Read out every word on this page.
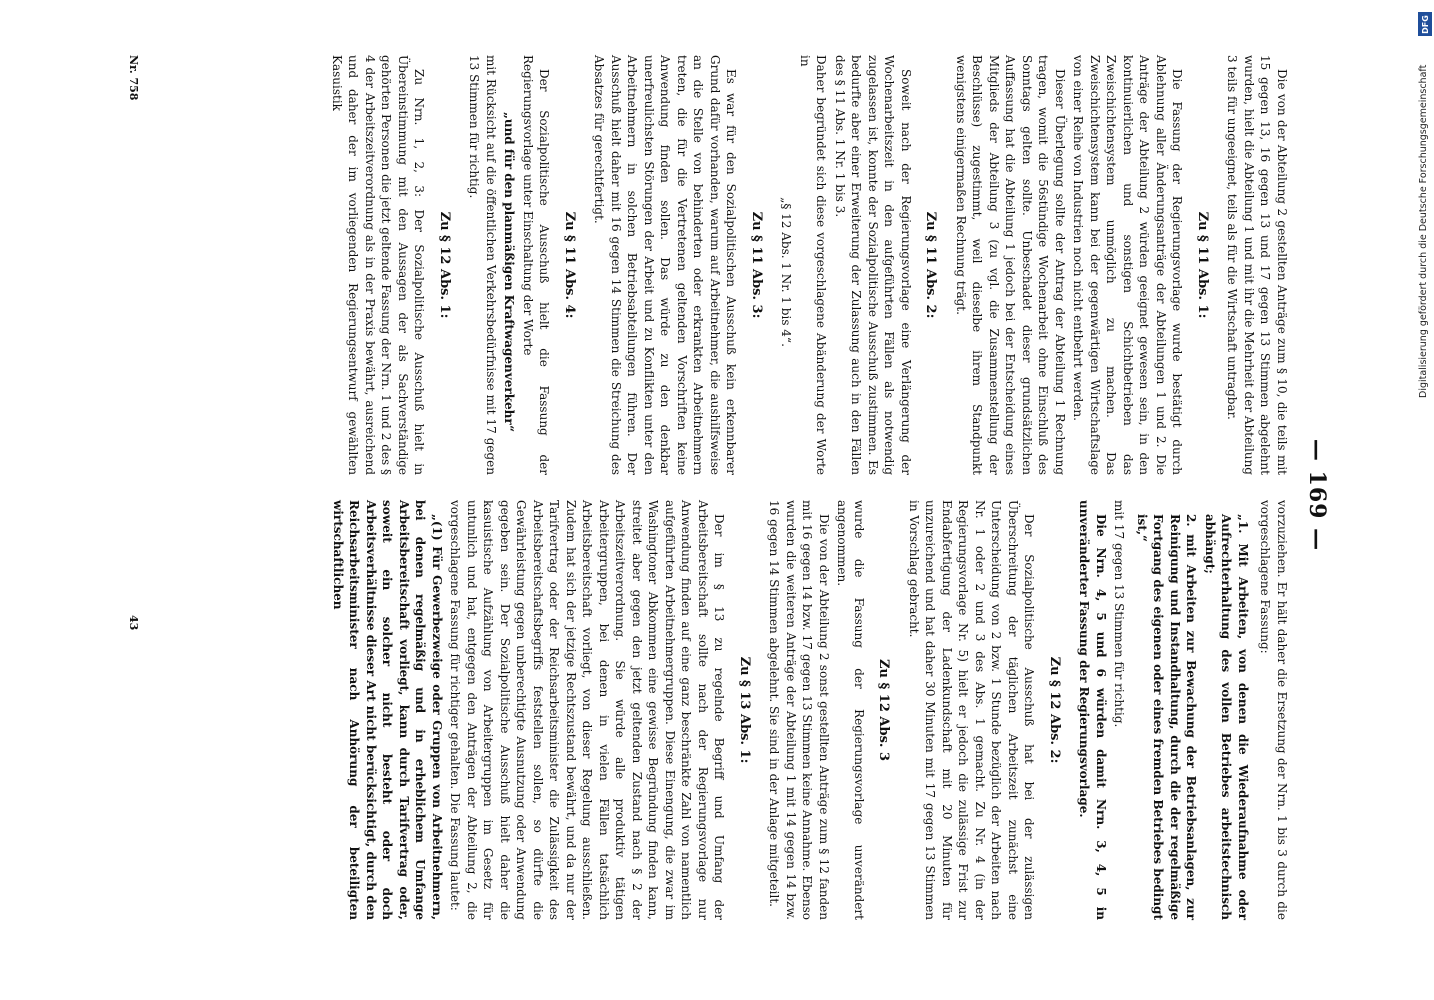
— 169 —

Die von der Abteilung 2 gestellten Anträge zum § 10, die teils mit 15 gegen 13, 16 gegen 13 und 17 gegen 13 Stimmen abgelehnt wurden, hielt die Abteilung 1 und mit ihr die Mehrheit der Abteilung 3 teils für ungeeignet, teils als für die Wirtschaft untragbar.

Zu § 11 Abs. 1:

Die Fassung der Regierungsvorlage wurde bestätigt durch Ablehnung aller Änderungsanträge der Abteilungen 1 und 2. Die Anträge der Abteilung 2 würden geeignet gewesen sein, in den kontinuierlichen und sonstigen Schichtbetrieben das Zweischichtensystem unmöglich zu machen. Das Zweischichtensystem kann bei der gegenwärtigen Wirtschaftslage von einer Reihe von Industrien noch nicht entbehrt werden.

Dieser Überlegung sollte der Antrag der Abteilung 1 Rechnung tragen, womit die 56stündige Wochenarbeit ohne Einschluß des Sonntags gelten sollte. Unbeschadet dieser grundsätzlichen Auffassung hat die Abteilung 1 jedoch bei der Entscheidung eines Mitglieds der Abteilung 3 (zu vgl. die Zusammenstellung der Beschlüsse) zugestimmt, weil dieselbe ihrem Standpunkt wenigstens einigermaßen Rechnung trägt.

Zu § 11 Abs. 2:

Soweit nach der Regierungsvorlage eine Verlängerung der Wochenarbeitszeit in den aufgeführten Fällen als notwendig zugelassen ist, konnte der Sozialpolitische Ausschuß zustimmen. Es bedurfte aber einer Erweiterung der Zulassung auch in den Fällen des § 11 Abs. 1 Nr. 1 bis 3.

Daher begründet sich diese vorgeschlagene Abänderung der Worte in

„§ 12 Abs. 1 Nr. 1 bis 4“.

Zu § 11 Abs. 3:

Es war für den Sozialpolitischen Ausschuß kein erkennbarer Grund dafür vorhanden, warum auf Arbeitnehmer, die aushilfsweise an die Stelle von behinderten oder erkrankten Arbeitnehmern treten, die für die Vertretenen geltenden Vorschriften keine Anwendung finden sollen. Das würde zu den denkbar unerfreulichsten Störungen der Arbeit und zu Konflikten unter den Arbeitnehmern in solchen Betriebsabteilungen führen. Der Ausschuß hielt daher mit 16 gegen 14 Stimmen die Streichung des Absatzes für gerechtfertigt.

Zu § 11 Abs. 4:

Der Sozialpolitische Ausschuß hielt die Fassung der Regierungsvorlage unter Einschaltung der Worte

„und für den planmäßigen Kraftwagenverkehr“

mit Rücksicht auf die öffentlichen Verkehrsbedürfnisse mit 17 gegen 13 Stimmen für richtig.

Zu § 12 Abs. 1:

Zu Nrn. 1, 2, 3: Der Sozialpolitische Ausschuß hielt in Übereinstimmung mit den Aussagen der als Sachverständige gehörten Personen die jetzt geltende Fassung der Nrn. 1 und 2 des § 4 der Arbeitszeitverordnung als in der Praxis bewährt, ausreichend und daher der im vorliegenden Regierungsentwurf gewählten Kasuistik

vorzuziehen. Er hält daher die Ersetzung der Nrn. 1 bis 3 durch die vorgeschlagene Fassung:

„1. Mit Arbeiten, von denen die Wiederaufnahme oder Aufrechterhaltung des vollen Betriebes arbeitstechnisch abhängt;
2. mit Arbeiten zur Bewachung der Betriebsanlagen, zur Reinigung und Instandhaltung, durch die der regelmäßige Fortgang des eigenen oder eines fremden Betriebes bedingt ist,“

mit 17 gegen 13 Stimmen für richtig.

Die Nrn. 4, 5 und 6 würden damit Nrn. 3, 4, 5 in unveränderter Fassung der Regierungsvorlage.

Zu § 12 Abs. 2:

Der Sozialpolitische Ausschuß hat bei der zulässigen Überschreitung der täglichen Arbeitszeit zunächst eine Unterscheidung von 2 bzw. 1 Stunde bezüglich der Arbeiten nach Nr. 1 oder 2 und 3 des Abs. 1 gemacht. Zu Nr. 4 (in der Regierungsvorlage Nr. 5) hielt er jedoch die zulässige Frist zur Endabfertigung der Ladenkundschaft mit 20 Minuten für unzureichend und hat daher 30 Minuten mit 17 gegen 13 Stimmen in Vorschlag gebracht.

Zu § 12 Abs. 3

wurde die Fassung der Regierungsvorlage unverändert angenommen.

Die von der Abteilung 2 sonst gestellten Anträge zum § 12 fanden mit 16 gegen 14 bzw. 17 gegen 13 Stimmen keine Annahme. Ebenso wurden die weiteren Anträge der Abteilung 1 mit 14 gegen 14 bzw. 16 gegen 14 Stimmen abgelehnt. Sie sind in der Anlage mitgeteilt.

Zu § 13 Abs. 1:

Der im § 13 zu regelnde Begriff und Umfang der Arbeitsbereitschaft sollte nach der Regierungsvorlage nur Anwendung finden auf eine ganz beschränkte Zahl von namentlich aufgeführten Arbeitnehmergruppen. Diese Einengung, die zwar im Washingtoner Abkommen eine gewisse Begründung finden kann, streitet aber gegen den jetzt geltenden Zustand nach § 2 der Arbeitszeitverordnung. Sie würde alle produktiv tätigen Arbeitergruppen, bei denen in vielen Fällen tatsächlich Arbeitsbereitschaft vorliegt, von dieser Regelung ausschließen. Zudem hat sich der jetzige Rechtszustand bewährt, und da nur der Tarifvertrag oder der Reichsarbeitsminister die Zulässigkeit des Arbeitsbereitschaftsbegriffs feststellen sollen, so dürfte die Gewährleistung gegen unberechtigte Ausnutzung oder Anwendung gegeben sein. Der Sozialpolitische Ausschuß hielt daher die kasuistische Aufzählung von Arbeitergruppen im Gesetz für untunlich und hat, entgegen den Anträgen der Abteilung 2, die vorgeschlagene Fassung für richtiger gehalten. Die Fassung lautet:

„(1) Für Gewerbezweige oder Gruppen von Arbeitnehmern, bei denen regelmäßig und in erheblichem Umfange Arbeitsbereitschaft vorliegt, kann durch Tarifvertrag oder, soweit ein solcher nicht besteht oder doch Arbeitsverhältnisse dieser Art nicht berücksichtigt, durch den Reichsarbeitsminister nach Anhörung der beteiligten wirtschaftlichen

Nr. 758
43
DFG
Digitalisierung gefördert durch die Deutsche Forschungsgemeinschaft
